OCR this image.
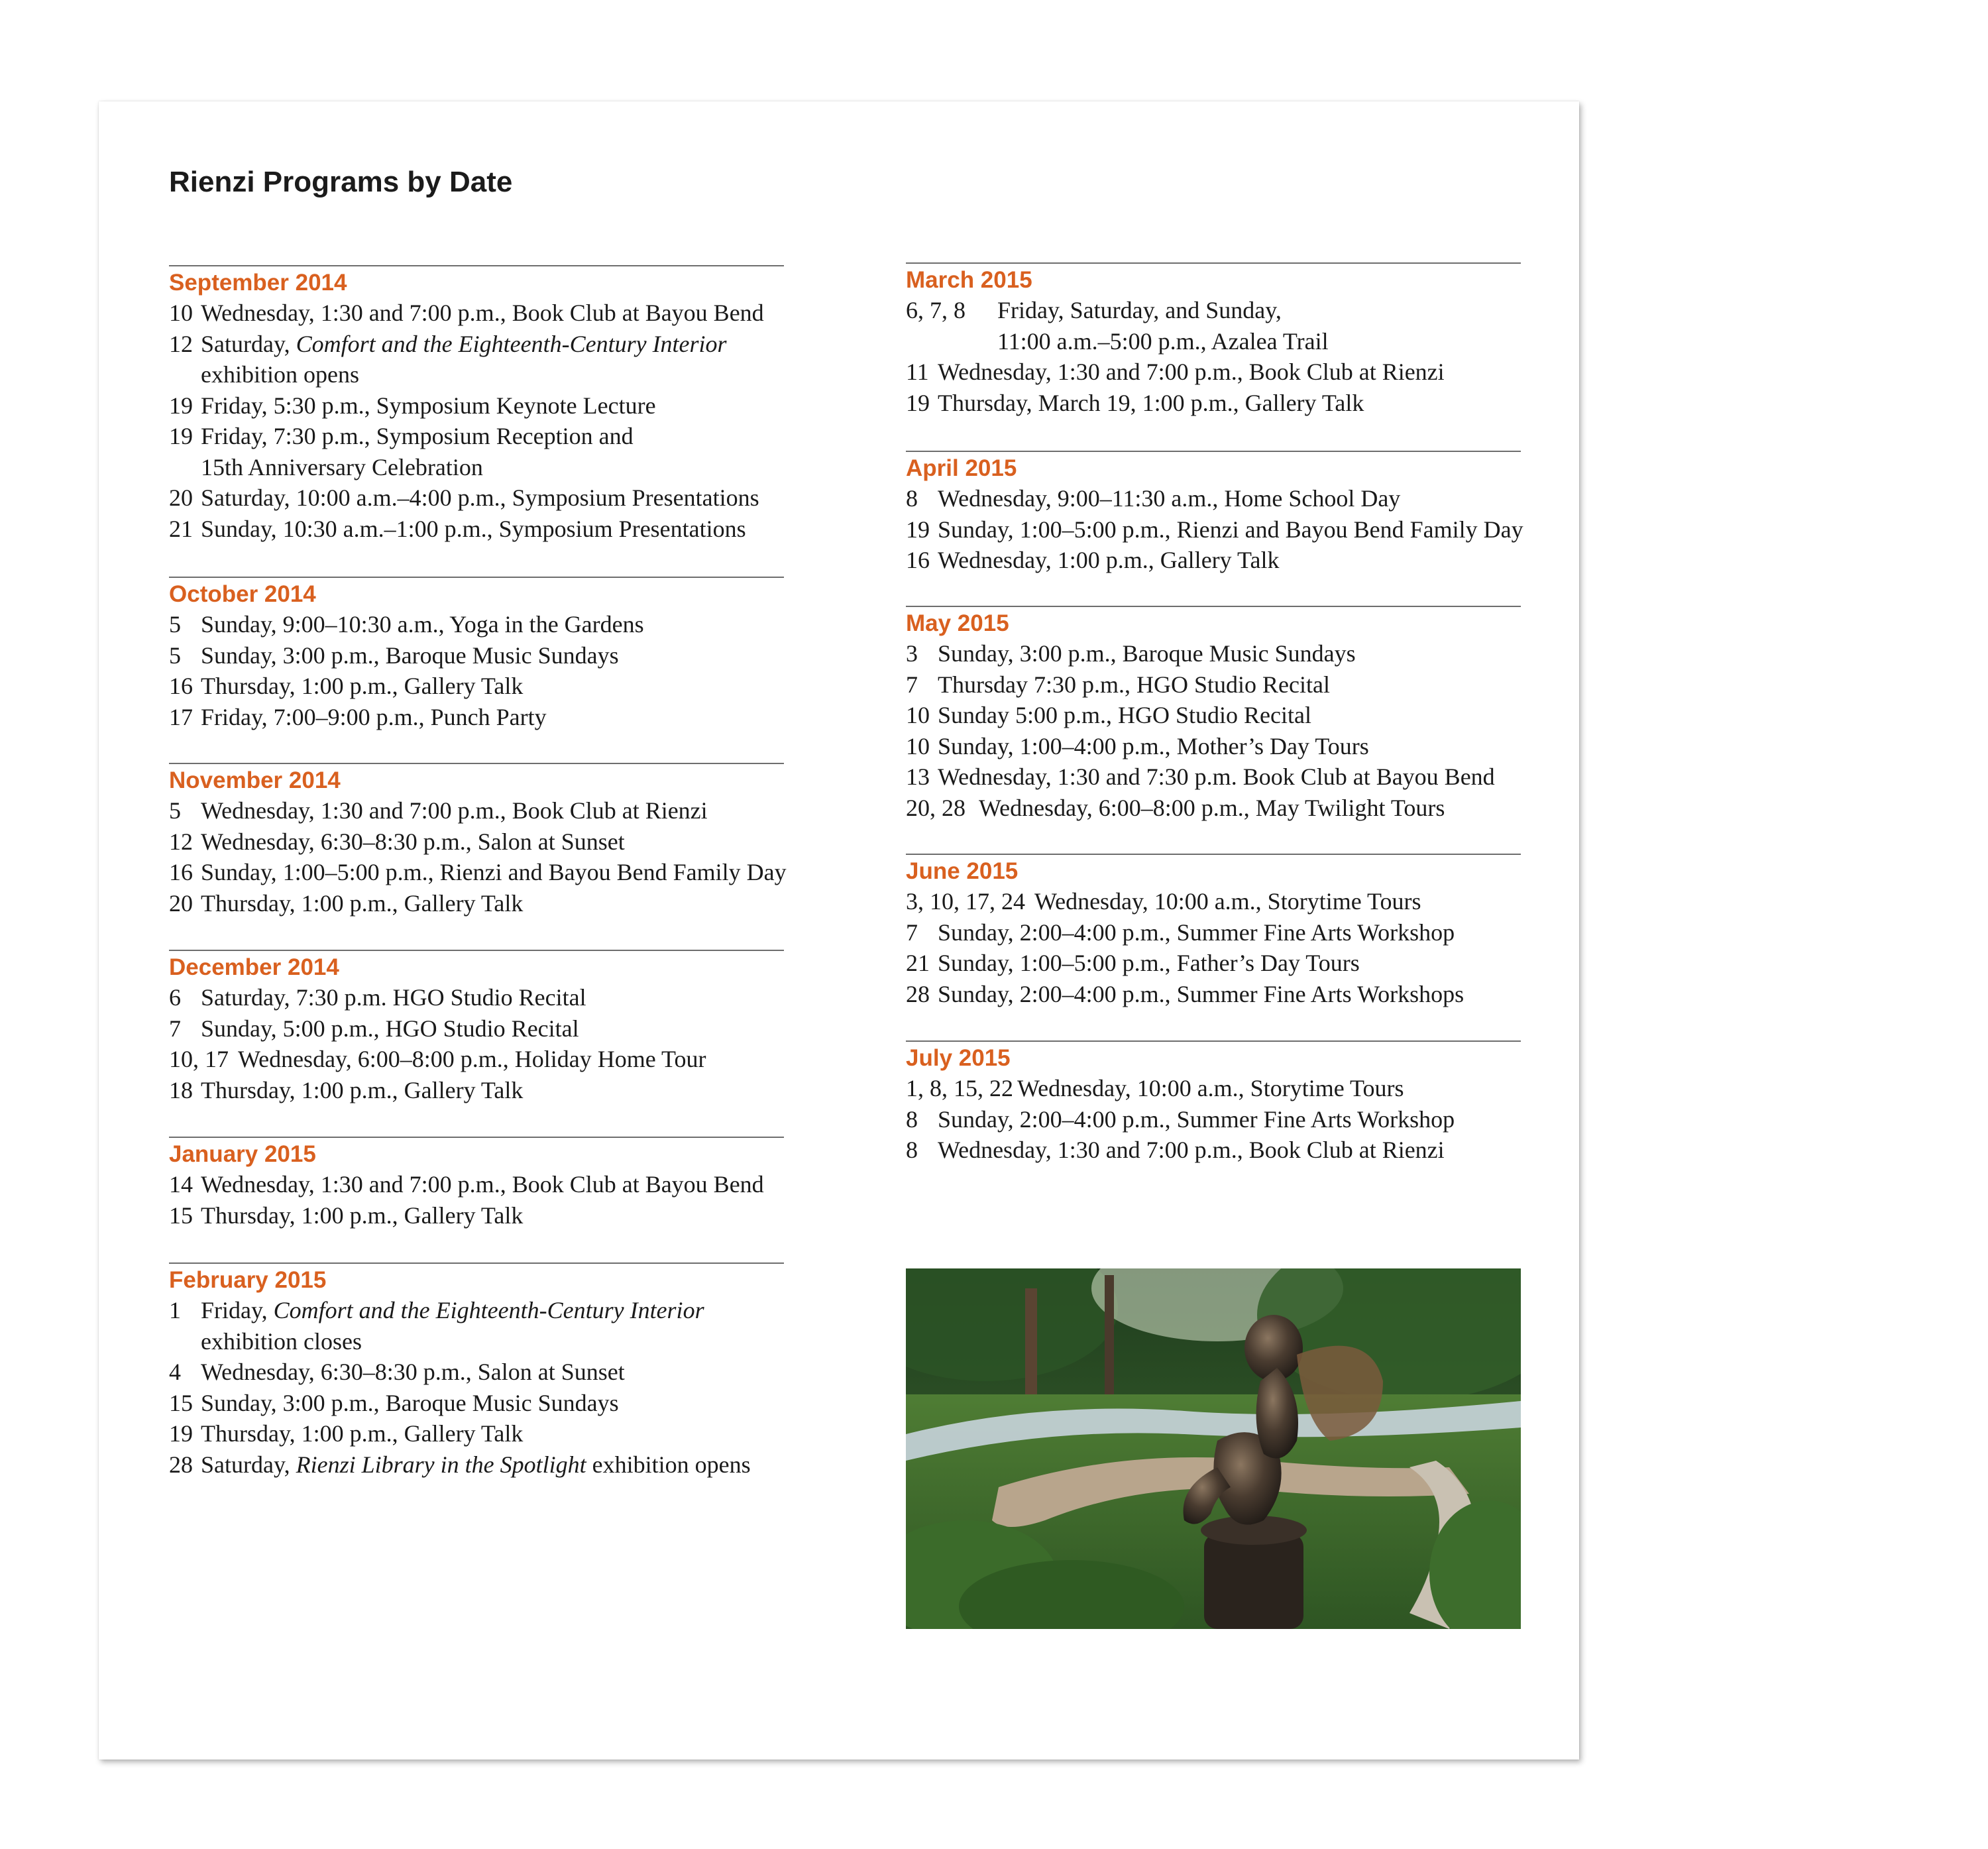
Rienzi Programs by Date
September 2014
10 Wednesday, 1:30 and 7:00 p.m., Book Club at Bayou Bend
12 Saturday, Comfort and the Eighteenth-Century Interior
exhibition opens
19 Friday, 5:30 p.m., Symposium Keynote Lecture
19 Friday, 7:30 p.m., Symposium Reception and
15th Anniversary Celebration
20 Saturday, 10:00 a.m.–4:00 p.m., Symposium Presentations
21 Sunday, 10:30 a.m.–1:00 p.m., Symposium Presentations
October 2014
5 Sunday, 9:00–10:30 a.m., Yoga in the Gardens
5 Sunday, 3:00 p.m., Baroque Music Sundays
16 Thursday, 1:00 p.m., Gallery Talk
17 Friday, 7:00–9:00 p.m., Punch Party
November 2014
5 Wednesday, 1:30 and 7:00 p.m., Book Club at Rienzi
12 Wednesday, 6:30–8:30 p.m., Salon at Sunset
16 Sunday, 1:00–5:00 p.m., Rienzi and Bayou Bend Family Day
20 Thursday, 1:00 p.m., Gallery Talk
December 2014
6 Saturday, 7:30 p.m. HGO Studio Recital
7 Sunday, 5:00 p.m., HGO Studio Recital
10, 17 Wednesday, 6:00–8:00 p.m., Holiday Home Tour
18 Thursday, 1:00 p.m., Gallery Talk
January 2015
14 Wednesday, 1:30 and 7:00 p.m., Book Club at Bayou Bend
15 Thursday, 1:00 p.m., Gallery Talk
February 2015
1 Friday, Comfort and the Eighteenth-Century Interior
exhibition closes
4 Wednesday, 6:30–8:30 p.m., Salon at Sunset
15 Sunday, 3:00 p.m., Baroque Music Sundays
19 Thursday, 1:00 p.m., Gallery Talk
28 Saturday, Rienzi Library in the Spotlight exhibition opens
March 2015
6, 7, 8 Friday, Saturday, and Sunday,
11:00 a.m.–5:00 p.m., Azalea Trail
11 Wednesday, 1:30 and 7:00 p.m., Book Club at Rienzi
19 Thursday, March 19, 1:00 p.m., Gallery Talk
April 2015
8 Wednesday, 9:00–11:30 a.m., Home School Day
19 Sunday, 1:00–5:00 p.m., Rienzi and Bayou Bend Family Day
16 Wednesday, 1:00 p.m., Gallery Talk
May 2015
3 Sunday, 3:00 p.m., Baroque Music Sundays
7 Thursday 7:30 p.m., HGO Studio Recital
10 Sunday 5:00 p.m., HGO Studio Recital
10 Sunday, 1:00–4:00 p.m., Mother’s Day Tours
13 Wednesday, 1:30 and 7:30 p.m. Book Club at Bayou Bend
20, 28 Wednesday, 6:00–8:00 p.m., May Twilight Tours
June 2015
3, 10, 17, 24 Wednesday, 10:00 a.m., Storytime Tours
7 Sunday, 2:00–4:00 p.m., Summer Fine Arts Workshop
21 Sunday, 1:00–5:00 p.m., Father’s Day Tours
28 Sunday, 2:00–4:00 p.m., Summer Fine Arts Workshops
July 2015
1, 8, 15, 22 Wednesday, 10:00 a.m., Storytime Tours
8 Sunday, 2:00–4:00 p.m., Summer Fine Arts Workshop
8 Wednesday, 1:30 and 7:00 p.m., Book Club at Rienzi
